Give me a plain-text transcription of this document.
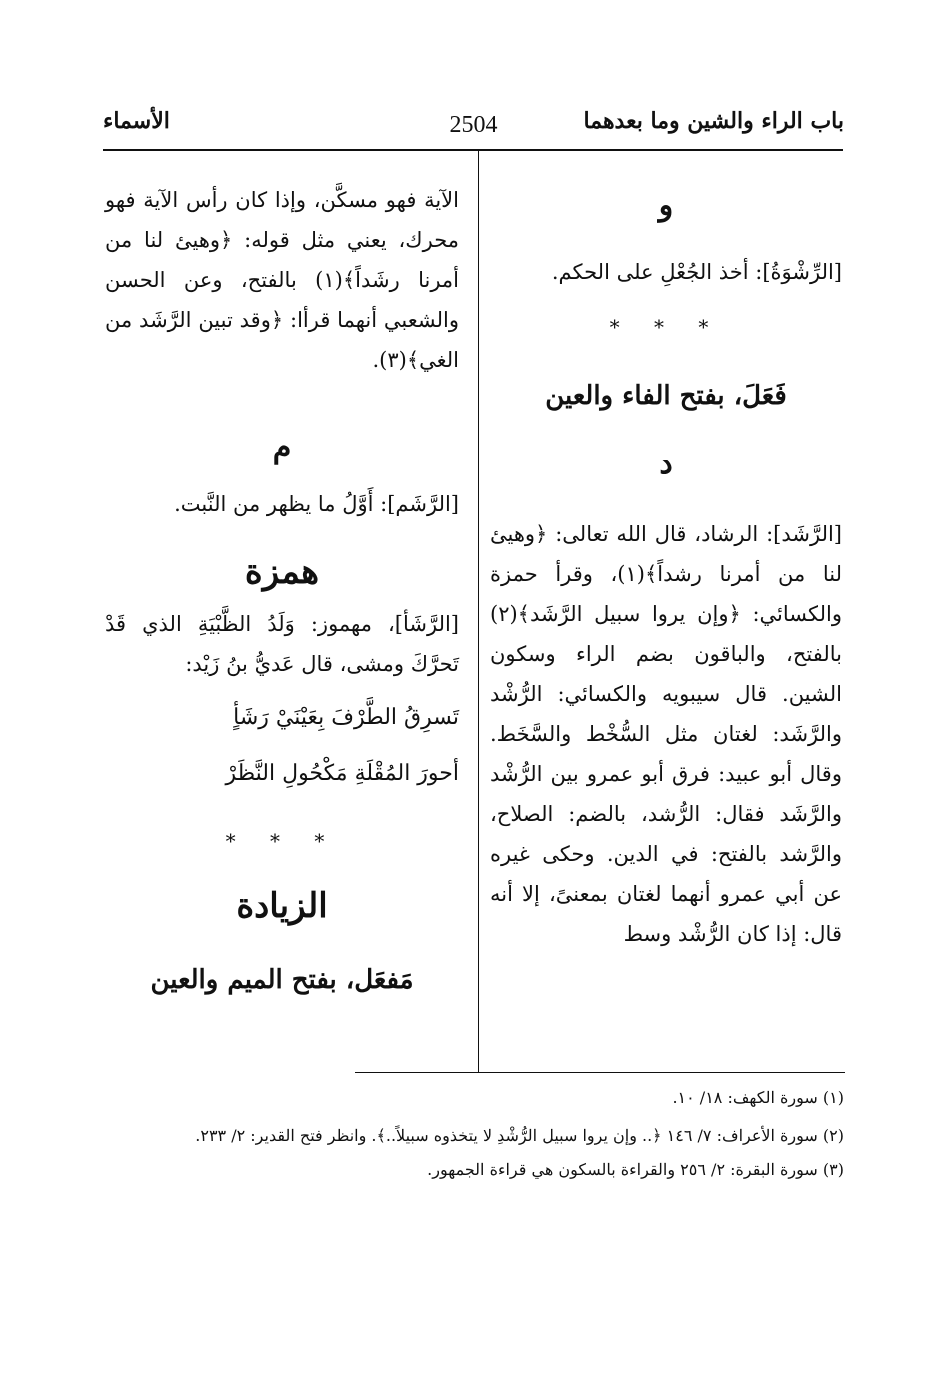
باب الراء والشين وما بعدهما
2504
الأسماء

و

[الرِّشْوَةُ]: أخذ الجُعْلِ على الحكم.

* * *

فَعَلَ، بفتح الفاء والعين

د

[الرَّشَد]: الرشاد، قال الله تعالى: ﴿وهيئ لنا من أمرنا رشداً﴾(١)، وقرأ حمزة والكسائي: ﴿وإن يروا سبيل الرَّشَد﴾(٢) بالفتح، والباقون بضم الراء وسكون الشين. قال سيبويه والكسائي: الرُّشْد والرَّشَد: لغتان مثل السُّخْط والسَّخَط. وقال أبو عبيد: فرق أبو عمرو بين الرُّشْد والرَّشَد فقال: الرُّشد، بالضم: الصلاح، والرَّشد بالفتح: في الدين. وحكى غيره عن أبي عمرو أنهما لغتان بمعنىً، إلا أنه قال: إذا كان الرُّشْد وسط

الآية فهو مسكَّن، وإذا كان رأس الآية فهو محرك، يعني مثل قوله: ﴿وهيئ لنا من أمرنا رشَداً﴾(١) بالفتح، وعن الحسن والشعبي أنهما قرأا: ﴿وقد تبين الرَّشَد من الغي﴾(٣).

م

[الرَّشَم]: أَوَّلُ ما يظهر من النَّبت.

همزة

[الرَّشَأ]، مهموز: وَلَدُ الظَّبْيَةِ الذي قَدْ تَحرَّكَ ومشى، قال عَديُّ بنُ زَيْد:

تَسرِقُ الطَّرْفَ بِعَيْنَيْ رَشَأٍ

أحورَ المُقْلَةِ مَكْحُولِ النَّظَرْ

* * *

الزيادة

مَفعَل، بفتح الميم والعين

(١) سورة الكهف: ١٨/ ١٠.

(٢) سورة الأعراف: ٧/ ١٤٦ ﴿.. وإن يروا سبيل الرُّشْدِ لا يتخذوه سبيلاً..﴾. وانظر فتح القدير: ٢/ ٢٣٣.

(٣) سورة البقرة: ٢/ ٢٥٦ والقراءة بالسكون هي قراءة الجمهور.
